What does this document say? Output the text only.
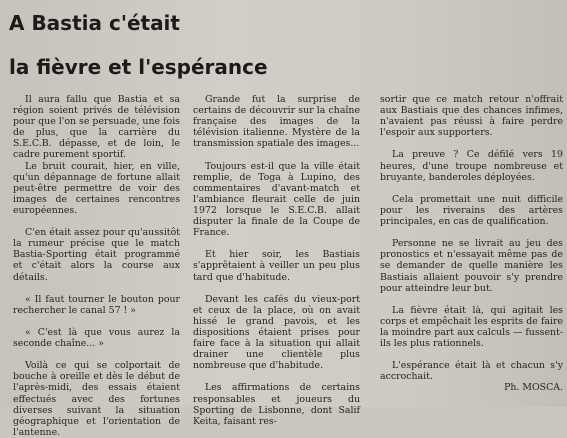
A Bastia c'était
la fièvre et l'espérance

Il aura fallu que Bastia et sa région soient privés de télévision pour que l'on se persuade, une fois de plus, que la carrière du S.E.C.B. dépasse, et de loin, le cadre purement sportif.

Le bruit courait, hier, en ville, qu'un dépannage de fortune allait peut-être permettre de voir des images de certaines rencontres européennes.

C'en était assez pour qu'aussitôt la rumeur précise que le match Bastia-Sporting était programmé et c'était alors la course aux détails.

« Il faut tourner le bouton pour rechercher le canal 57 ! »

« C'est là que vous aurez la seconde chaîne... »

Voilà ce qui se colportait de bouche à oreille et dès le début de l'après-midi, des essais étaient effectués avec des fortunes diverses suivant la situation géographique et l'orientation de l'antenne.

Grande fut la surprise de certains de découvrir sur la chaîne française des images de la télévision italienne. Mystère de la transmission spatiale des images...

Toujours est-il que la ville était remplie, de Toga à Lupino, des commentaires d'avant-match et l'ambiance fleurait celle de juin 1972 lorsque le S.E.C.B. allait disputer la finale de la Coupe de France.

Et hier soir, les Bastiais s'apprêtaient à veiller un peu plus tard que d'habitude.

Devant les cafés du vieux-port et ceux de la place, où on avait hissé le grand pavois, et les dispositions étaient prises pour faire face à la situation qui allait drainer une clientèle plus nombreuse que d'habitude.

Les affirmations de certains responsables et joueurs du Sporting de Lisbonne, dont Salif Keita, faisant res-

sortir que ce match retour n'offrait aux Bastiais que des chances infimes, n'avaient pas réussi à faire perdre l'espoir aux supporters.

La preuve ? Ce défilé vers 19 heures, d'une troupe nombreuse et bruyante, banderoles déployées.

Cela promettait une nuit difficile pour les riverains des artères principales, en cas de qualification.

Personne ne se livrait au jeu des pronostics et n'essayait même pas de se demander de quelle manière les Bastiais allaient pouvoir s'y prendre pour atteindre leur but.

La fièvre était là, qui agitait les corps et empêchait les esprits de faire la moindre part aux calculs — fussent-ils les plus rationnels.

L'espérance était là et chacun s'y accrochait.

Ph. MOSCA.
